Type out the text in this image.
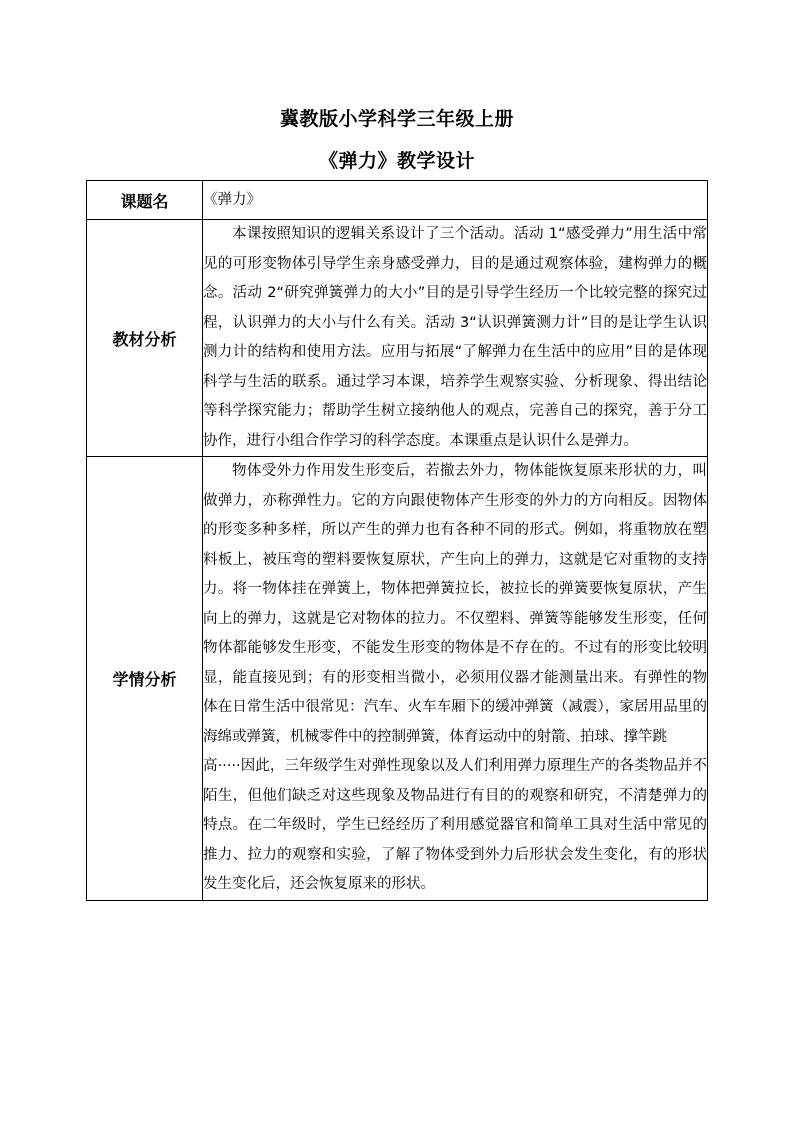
冀教版小学科学三年级上册
《弹力》教学设计
课题名	《弹力》
教材分析	本课按照知识的逻辑关系设计了三个活动。活动 1“感受弹力”用生活中常见的可形变物体引导学生亲身感受弹力，目的是通过观察体验，建构弹力的概念。活动 2“研究弹簧弹力的大小”目的是引导学生经历一个比较完整的探究过程，认识弹力的大小与什么有关。活动 3“认识弹簧测力计”目的是让学生认识测力计的结构和使用方法。应用与拓展“了解弹力在生活中的应用”目的是体现科学与生活的联系。通过学习本课，培养学生观察实验、分析现象、得出结论等科学探究能力；帮助学生树立接纳他人的观点，完善自己的探究，善于分工协作，进行小组合作学习的科学态度。本课重点是认识什么是弹力。

学情分析	物体受外力作用发生形变后，若撤去外力，物体能恢复原来形状的力，叫做弹力，亦称弹性力。它的方向跟使物体产生形变的外力的方向相反。因物体的形变多种多样，所以产生的弹力也有各种不同的形式。例如，将重物放在塑料板上，被压弯的塑料要恢复原状，产生向上的弹力，这就是它对重物的支持力。将一物体挂在弹簧上，物体把弹簧拉长，被拉长的弹簧要恢复原状，产生向上的弹力，这就是它对物体的拉力。不仅塑料、弹簧等能够发生形变，任何物体都能够发生形变，不能发生形变的物体是不存在的。不过有的形变比较明显，能直接见到；有的形变相当微小，必须用仪器才能测量出来。有弹性的物体在日常生活中很常见：汽车、火车车厢下的缓冲弹簧（减震），家居用品里的海绵或弹簧，机械零件中的控制弹簧，体育运动中的射箭、拍球、撑竿跳

高·····因此，三年级学生对弹性现象以及人们利用弹力原理生产的各类物品并不陌生，但他们缺乏对这些现象及物品进行有目的的观察和研究，不清楚弹力的特点。在二年级时，学生已经经历了利用感觉器官和简单工具对生活中常见的推力、拉力的观察和实验，了解了物体受到外力后形状会发生变化，有的形状发生变化后，还会恢复原来的形状。
